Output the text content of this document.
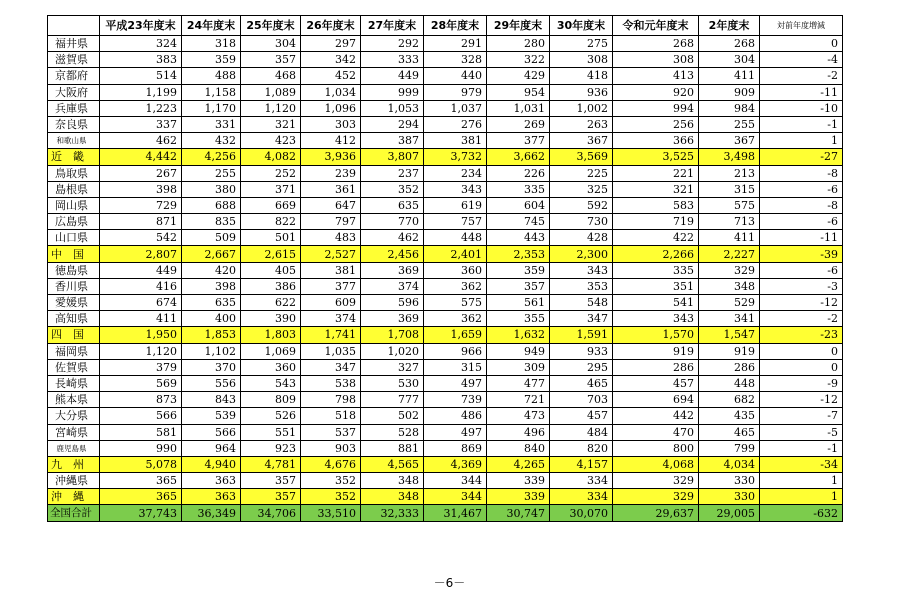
	平成23年度末	24年度末	25年度末	26年度末	27年度末	28年度末	29年度末	30年度末	令和元年度末	2年度末	対前年度増減
福井県	324	318	304	297	292	291	280	275	268	268	0
滋賀県	383	359	357	342	333	328	322	308	308	304	-4
京都府	514	488	468	452	449	440	429	418	413	411	-2
大阪府	1,199	1,158	1,089	1,034	999	979	954	936	920	909	-11
兵庫県	1,223	1,170	1,120	1,096	1,053	1,037	1,031	1,002	994	984	-10
奈良県	337	331	321	303	294	276	269	263	256	255	-1
和歌山県	462	432	423	412	387	381	377	367	366	367	1
近　畿	4,442	4,256	4,082	3,936	3,807	3,732	3,662	3,569	3,525	3,498	-27
鳥取県	267	255	252	239	237	234	226	225	221	213	-8
島根県	398	380	371	361	352	343	335	325	321	315	-6
岡山県	729	688	669	647	635	619	604	592	583	575	-8
広島県	871	835	822	797	770	757	745	730	719	713	-6
山口県	542	509	501	483	462	448	443	428	422	411	-11
中　国	2,807	2,667	2,615	2,527	2,456	2,401	2,353	2,300	2,266	2,227	-39
徳島県	449	420	405	381	369	360	359	343	335	329	-6
香川県	416	398	386	377	374	362	357	353	351	348	-3
愛媛県	674	635	622	609	596	575	561	548	541	529	-12
高知県	411	400	390	374	369	362	355	347	343	341	-2
四　国	1,950	1,853	1,803	1,741	1,708	1,659	1,632	1,591	1,570	1,547	-23
福岡県	1,120	1,102	1,069	1,035	1,020	966	949	933	919	919	0
佐賀県	379	370	360	347	327	315	309	295	286	286	0
長崎県	569	556	543	538	530	497	477	465	457	448	-9
熊本県	873	843	809	798	777	739	721	703	694	682	-12
大分県	566	539	526	518	502	486	473	457	442	435	-7
宮崎県	581	566	551	537	528	497	496	484	470	465	-5
鹿児島県	990	964	923	903	881	869	840	820	800	799	-1
九　州	5,078	4,940	4,781	4,676	4,565	4,369	4,265	4,157	4,068	4,034	-34
沖縄県	365	363	357	352	348	344	339	334	329	330	1
沖　縄	365	363	357	352	348	344	339	334	329	330	1
全国合計	37,743	36,349	34,706	33,510	32,333	31,467	30,747	30,070	29,637	29,005	-632
－6－
